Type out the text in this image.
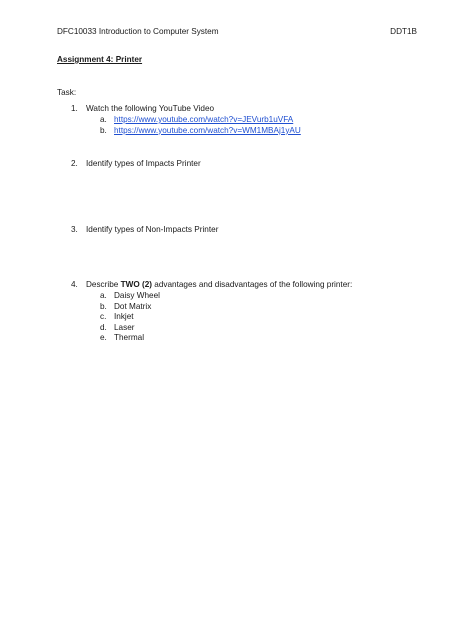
DFC10033 Introduction to Computer System	DDT1B
Assignment 4: Printer
Task:
1. Watch the following YouTube Video
a. https://www.youtube.com/watch?v=JEVurb1uVFA
b. https://www.youtube.com/watch?v=WM1MBAj1yAU
2. Identify types of Impacts Printer
3. Identify types of Non-Impacts Printer
4. Describe TWO (2) advantages and disadvantages of the following printer:
a. Daisy Wheel
b. Dot Matrix
c. Inkjet
d. Laser
e. Thermal
